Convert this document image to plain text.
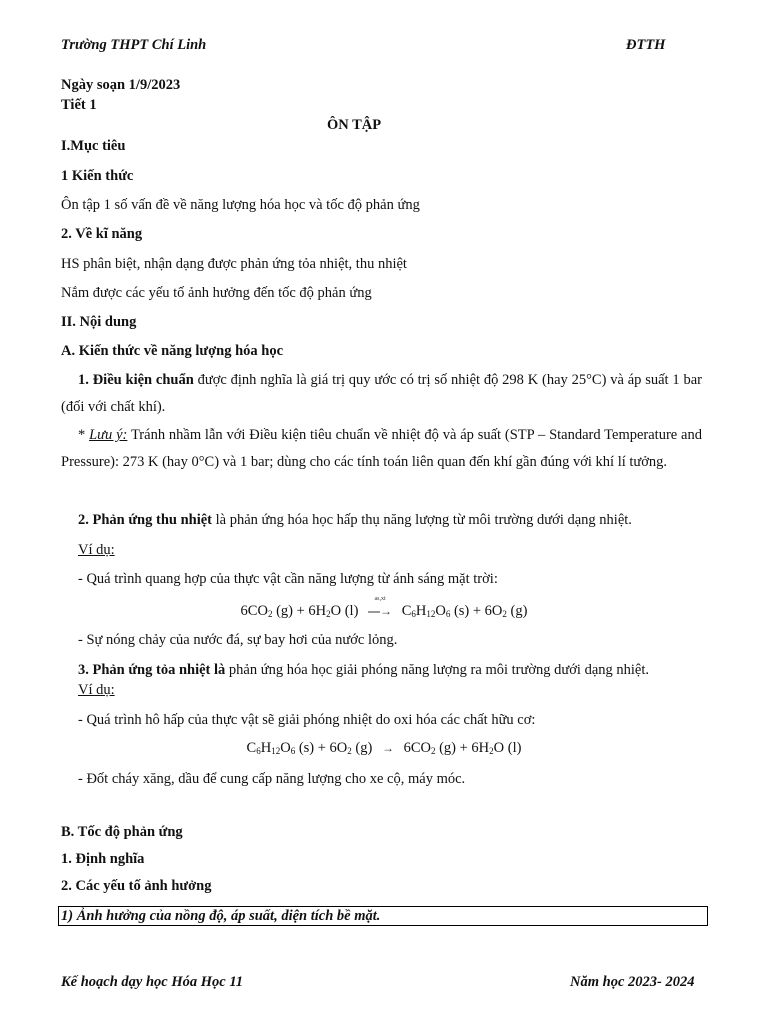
Trường THPT Chí Linh	ĐTTH
Ngày soạn 1/9/2023
Tiết 1
ÔN TẬP
I.Mục tiêu
1 Kiến thức
Ôn tập 1 số vấn đề về năng lượng hóa học và tốc độ phản ứng
2. Về kĩ năng
HS phân biệt, nhận dạng được phản ứng tỏa nhiệt, thu nhiệt
Nắm được các yếu tố ảnh hưởng đến tốc độ phản ứng
II. Nội dung
A. Kiến thức về năng lượng hóa học
1. Điều kiện chuẩn được định nghĩa là giá trị quy ước có trị số nhiệt độ 298 K (hay 25°C) và áp suất 1 bar (đối với chất khí).
* Lưu ý: Tránh nhầm lẫn với Điều kiện tiêu chuẩn về nhiệt độ và áp suất (STP – Standard Temperature and Pressure): 273 K (hay 0°C) và 1 bar; dùng cho các tính toán liên quan đến khí gần đúng với khí lí tưởng.
2. Phản ứng thu nhiệt là phản ứng hóa học hấp thụ năng lượng từ môi trường dưới dạng nhiệt.
Ví dụ:
- Quá trình quang hợp của thực vật cần năng lượng từ ánh sáng mặt trời:
$6CO_2$ $(g) + 6H_2O$ (l)
as,xt
⎯⎯→ $C_6H_{12}O_6$ $(s) + 6O_2$ (g)
- Sự nóng chảy của nước đá, sự bay hơi của nước lỏng.
3. Phản ứng tỏa nhiệt là phản ứng hóa học giải phóng năng lượng ra môi trường dưới dạng nhiệt.
Ví dụ:
- Quá trình hô hấp của thực vật sẽ giải phóng nhiệt do oxi hóa các chất hữu cơ:
$C_6H_{12}O_6$ $(s) + 6O_2$ $(g) \to 6CO_2$ $(g) + 6H_2O$ (l)
- Đốt cháy xăng, dầu để cung cấp năng lượng cho xe cộ, máy móc.
B. Tốc độ phản ứng
1. Định nghĩa
2. Các yếu tố ảnh hưởng
1) Ảnh hưởng của nồng độ, áp suất, diện tích bề mặt.
Kế hoạch dạy học Hóa Học 11	Năm học 2023- 2024
